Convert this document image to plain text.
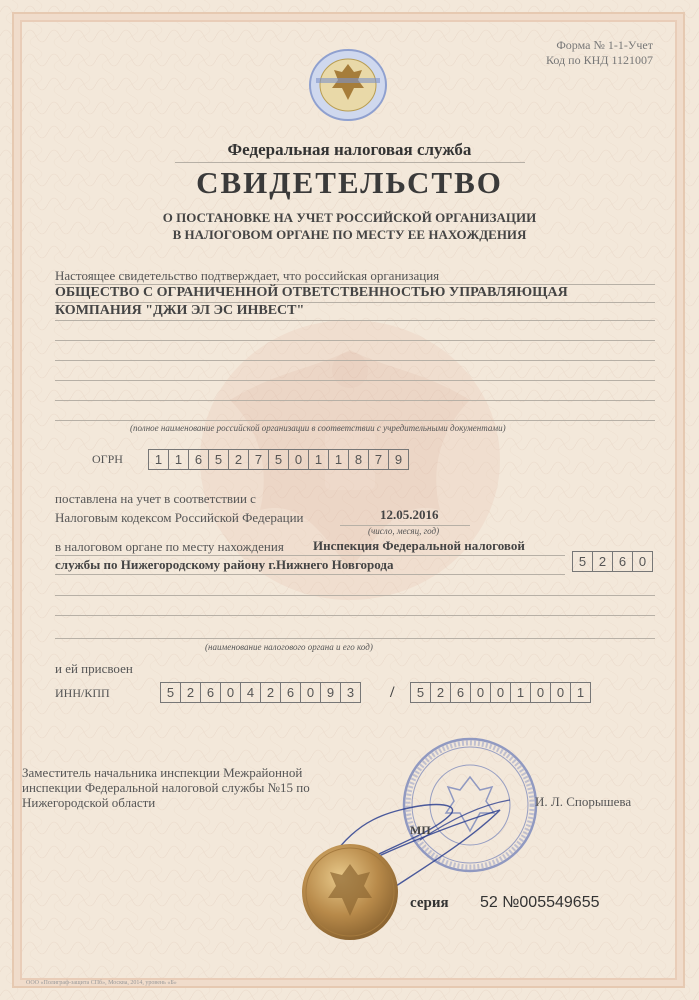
Форма № 1-1-Учет
Код по КНД 1121007
Федеральная налоговая служба
СВИДЕТЕЛЬСТВО
О ПОСТАНОВКЕ НА УЧЕТ РОССИЙСКОЙ ОРГАНИЗАЦИИ
В НАЛОГОВОМ ОРГАНЕ ПО МЕСТУ ЕЕ НАХОЖДЕНИЯ
Настоящее свидетельство подтверждает, что российская организация
ОБЩЕСТВО С ОГРАНИЧЕННОЙ ОТВЕТСТВЕННОСТЬЮ УПРАВЛЯЮЩАЯ
КОМПАНИЯ "ДЖИ ЭЛ ЭС ИНВЕСТ"
(полное наименование российской организации в соответствии с учредительными документами)
ОГРН	1 1 6 5 2 7 5 0 1 1 8 7 9
поставлена на учет в соответствии с
Налоговым кодексом Российской Федерации	12.05.2016
(число, месяц, год)
в налоговом органе по месту нахождения Инспекция Федеральной налоговой
службы по Нижегородскому району г.Нижнего Новгорода	5 2 6 0
(наименование налогового органа и его код)
и ей присвоен
ИНН/КПП	5 2 6 0 4 2 6 0 9 3	/	5 2 6 0 0 1 0 0 1
Заместитель начальника инспекции Межрайонной
инспекции Федеральной налоговой службы №15 по
Нижегородской области	И. Л. Спорышева
МП
серия 52 №005549655
ООО «Полиграф-защита СПб», Москва, 2014, уровень «Б»
